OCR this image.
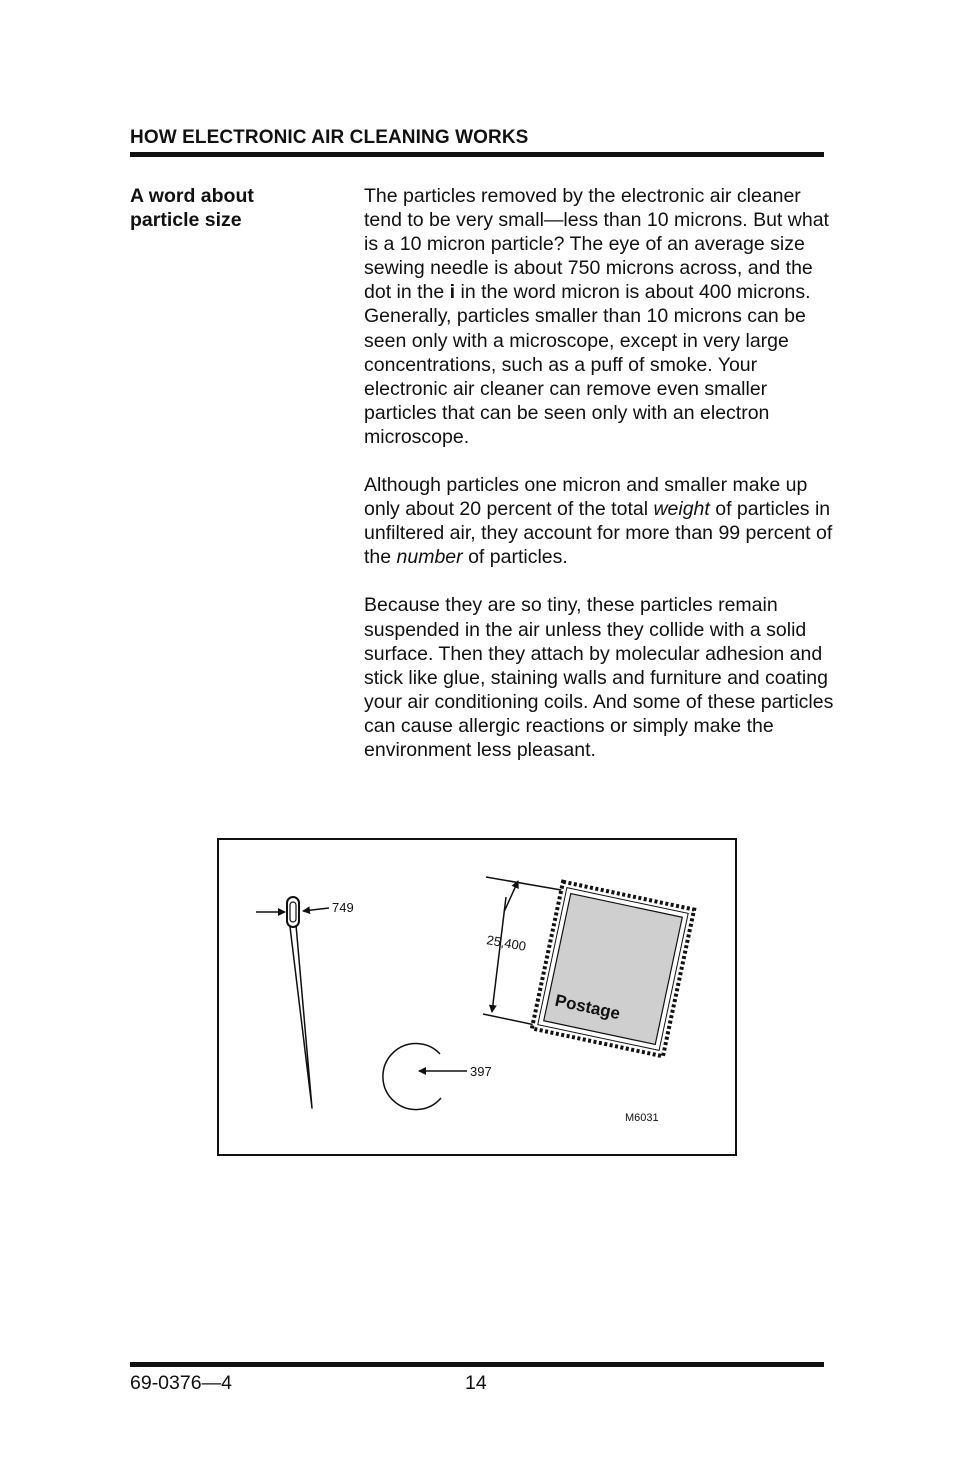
HOW ELECTRONIC AIR CLEANING WORKS
A word about
particle size

The particles removed by the electronic air cleaner tend to be very small—less than 10 microns. But what is a 10 micron particle? The eye of an average size sewing needle is about 750 microns across, and the dot in the i in the word micron is about 400 microns. Generally, particles smaller than 10 microns can be seen only with a microscope, except in very large concentrations, such as a puff of smoke. Your electronic air cleaner can remove even smaller particles that can be seen only with an electron microscope.

Although particles one micron and smaller make up only about 20 percent of the total weight of particles in unfiltered air, they account for more than 99 percent of the number of particles.

Because they are so tiny, these particles remain suspended in the air unless they collide with a solid surface. Then they attach by molecular adhesion and stick like glue, staining walls and furniture and coating your air conditioning coils. And some of these particles can cause allergic reactions or simply make the environment less pleasant.

749
25,400
Postage
397
M6031
69-0376—4	14
